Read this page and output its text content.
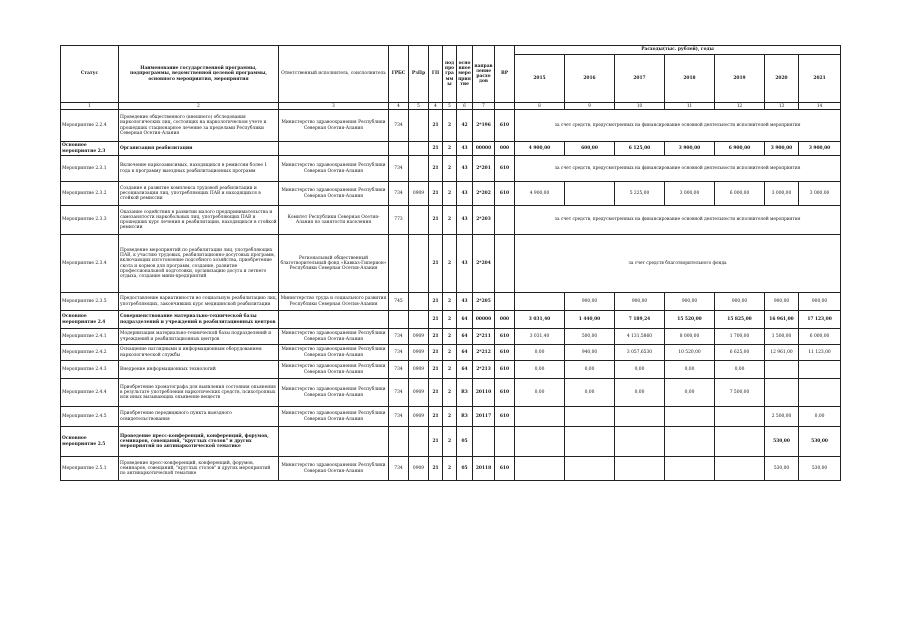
Статус	Наименование государственной программы, подпрограммы, ведомственной целевой программы, основного мероприятия, мероприятия	Ответственный исполнитель, соисполнитель	ГРБС	РзПр	ГП	под про гра ммы	осно вное меро прия тие	направ ление расхо дов	ВР	Расходы(тыс. рублей), годы						
										2015	2016	2017	2018	2019	2020	2021
1	2	3	4	5	4	5	6	7		8	9	10	11	12	13	14
Мероприятие 2.2.4	Проведение общественного (внешнего) обследования наркологических лиц, состоящих на наркологическом учете и прошедших стационарное лечение за пределами Республики Северная Осетия-Алания	Министерство здравоохранения Республики Северная Осетия-Алания	734		21	2	42	2*196	610	за счет средств, предусмотренных на финансирование основной деятельности исполнителей мероприятия						
Основное мероприятие 2.3	Организация реабилитации				21	2	43	00000	000	4 900,00	600,00	6 125,00	3 900,00	6 900,00	3 900,00	3 900,00
Мероприятие 2.3.1	Включение наркозависимых, находящихся в ремиссии более 1 года в программу выездных реабилитационных программ	Министерство здравоохранения Республики Северная Осетия-Алания	734		21	2	43	2*201	610	за счет средств, предусмотренных на финансирование основной деятельности исполнителей мероприятия						
Мероприятие 2.3.2	Создание и развитие комплекса трудовой реабилитации и ресоциализации лиц, употребляющих ПАВ и находящихся в стойкой ремиссии	Министерство здравоохранения Республики Северная Осетия-Алания	734	0909	21	2	43	2*202	610	4 900,00		5 225,00	3 000,00	6 000,00	3 000,00	3 000,00
Мероприятие 2.3.3	Оказание содействия в развитии малого предпринимательства и самозанятости наркобольных лиц, употребляющих ПАВ и прошедших курс лечения и реабилитации, находящихся в стойкой ремиссии	Комитет Республики Северная Осетия-Алания по занятости населения	773		21	2	43	2*203		за счет средств, предусмотренных на финансирование основной деятельности исполнителей мероприятия						
Мероприятие 2.3.4	Проведение мероприятий по реабилитации лиц, употребляющих ПАВ, к участию трудовых, реабилитационно-досуговых программ, включающих изготовление подсобного хозяйства, приобретение скота и кормов для программ, создание, развитие профессиональной подготовки, организацию досуга и летнего отдыха, создание мини-предприятий	Региональный общественный благотворительный фонд «Кавказ-Гиперион» Республики Северная Осетия-Алания			21	2	43	2*204		за счет средств благотворительного фонда						
Мероприятие 2.3.5	Предоставление вариативности во социальную реабилитацию лиц, употребляющих, закончивших курс медицинской реабилитации	Министерство труда и социального развития Республики Северная Осетия-Алания	745		21	2	43	2*205			900,00	900,00	900,00	900,00	900,00	900,00
Основное мероприятие 2.4	Совершенствование материально-технической базы подразделений и учреждений в реабилитационных центров				21	2	64	00000	000	3 031,40	1 440,00	7 189,24	15 520,00	15 825,00	16 961,00	17 123,00
Мероприятие 2.4.1	Модернизация материально-технической базы подразделений и учреждений и реабилитационных центров	Министерство здравоохранения Республики Северная Осетия-Алания	734	0909	21	2	64	2*211	610	3 031,40	500,00	4 131,5860	8 000,00	1 700,00	1 500,00	6 000,00
Мероприятие 2.4.2	Оснащение наглядными и информационным оборудованием наркологической службы	Министерство здравоохранения Республики Северная Осетия-Алания	734	0909	21	2	64	2*212	610	0,00	940,00	3 057,6530	10 520,00	6 625,00	12 961,00	11 123,00
Мероприятие 2.4.3	Внедрение информационных технологий	Министерство здравоохранения Республики Северная Осетия-Алания	734	0909	21	2	64	2*213	610	0,00	0,00	0,00	0,00	0,00		
Мероприятие 2.4.4	Приобретение хроматографа для выявления состояния опьянения в результате употребления наркотических средств, психотропных или иных вызывающих опьянение веществ	Министерство здравоохранения Республики Северная Осетия-Алания	734	0909	21	2	R3	20110	610	0,00	0,00	0,00	0,00	7 500,00		
Мероприятие 2.4.5	Приобретение передвижного пункта выездного освидетельствования	Министерство здравоохранения Республики Северная Осетия-Алания	734	0909	21	2	R3	20117	610						2 500,00	0,00
Основное мероприятие 2.5	Проведение пресс-конференций, конференций, форумов, семинаров, совещаний, "круглых столов" и других мероприятий по антинаркотической тематике				21	2	05								530,00	530,00
Мероприятие 2.5.1	Проведение пресс-конференций, конференций, форумов, семинаров, совещаний, "круглых столов" и других мероприятий по антинаркотической тематике	Министерство здравоохранения Республики Северная Осетия-Алания	734	0909	21	2	05	20118	610						530,00	530,00
